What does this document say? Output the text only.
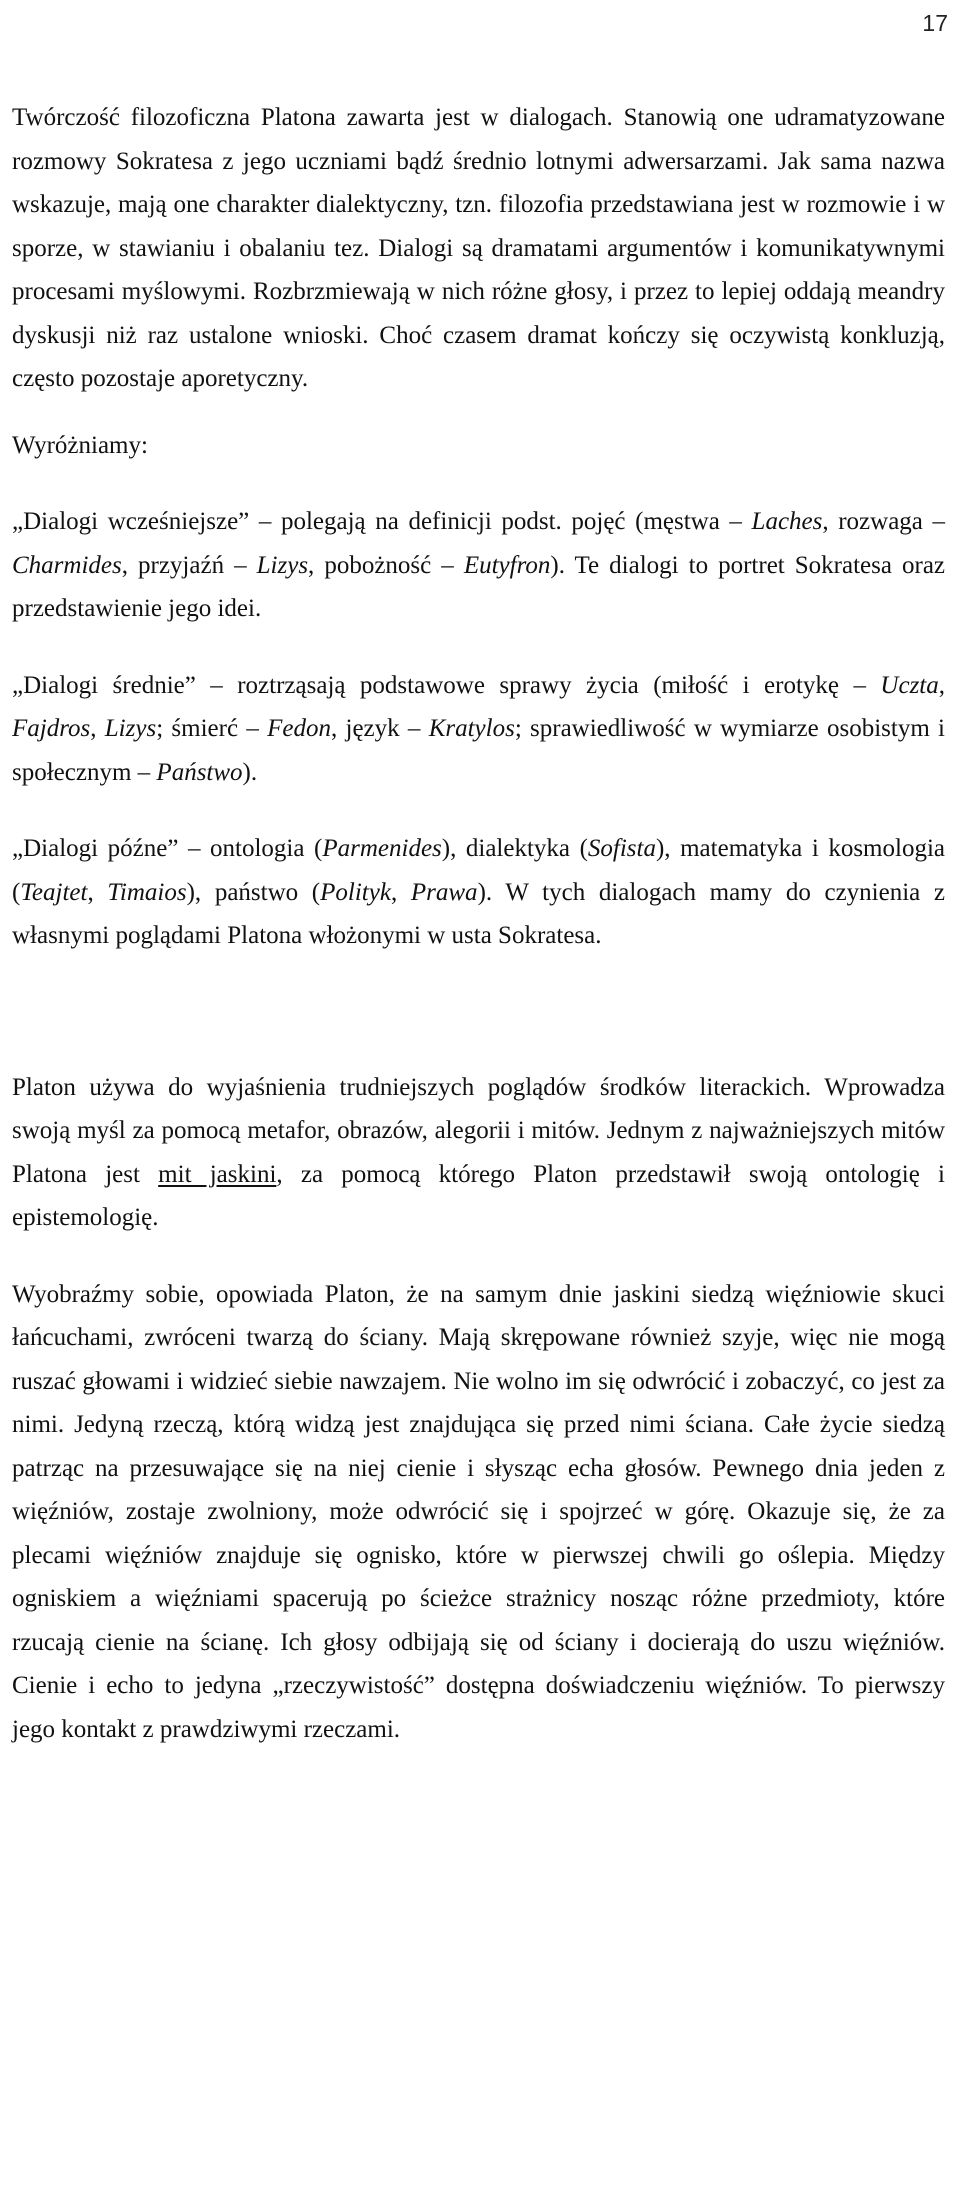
17

Twórczość filozoficzna Platona zawarta jest w dialogach. Stanowią one udramatyzowane rozmowy Sokratesa z jego uczniami bądź średnio lotnymi adwersarzami. Jak sama nazwa wskazuje, mają one charakter dialektyczny, tzn. filozofia przedstawiana jest w rozmowie i w sporze, w stawianiu i obalaniu tez. Dialogi są dramatami argumentów i komunikatywnymi procesami myślowymi. Rozbrzmiewają w nich różne głosy, i przez to lepiej oddają meandry dyskusji niż raz ustalone wnioski. Choć czasem dramat kończy się oczywistą konkluzją, często pozostaje aporetyczny.

Wyróżniamy:

„Dialogi wcześniejsze” – polegają na definicji podst. pojęć (męstwa – Laches, rozwaga – Charmides, przyjaźń – Lizys, pobożność – Eutyfron). Te dialogi to portret Sokratesa oraz przedstawienie jego idei.

„Dialogi średnie” – roztrząsają podstawowe sprawy życia (miłość i erotykę – Uczta, Fajdros, Lizys; śmierć – Fedon, język – Kratylos; sprawiedliwość w wymiarze osobistym i społecznym – Państwo).

„Dialogi późne” – ontologia (Parmenides), dialektyka (Sofista), matematyka i kosmologia (Teajtet, Timaios), państwo (Polityk, Prawa). W tych dialogach mamy do czynienia z własnymi poglądami Platona włożonymi w usta Sokratesa.

Platon używa do wyjaśnienia trudniejszych poglądów środków literackich. Wprowadza swoją myśl za pomocą metafor, obrazów, alegorii i mitów. Jednym z najważniejszych mitów Platona jest mit jaskini, za pomocą którego Platon przedstawił swoją ontologię i epistemologię.

Wyobraźmy sobie, opowiada Platon, że na samym dnie jaskini siedzą więźniowie skuci łańcuchami, zwróceni twarzą do ściany. Mają skrępowane również szyje, więc nie mogą ruszać głowami i widzieć siebie nawzajem. Nie wolno im się odwrócić i zobaczyć, co jest za nimi. Jedyną rzeczą, którą widzą jest znajdująca się przed nimi ściana. Całe życie siedzą patrząc na przesuwające się na niej cienie i słysząc echa głosów. Pewnego dnia jeden z więźniów, zostaje zwolniony, może odwrócić się i spojrzeć w górę. Okazuje się, że za plecami więźniów znajduje się ognisko, które w pierwszej chwili go oślepia. Między ogniskiem a więźniami spacerują po ścieżce strażnicy nosząc różne przedmioty, które rzucają cienie na ścianę. Ich głosy odbijają się od ściany i docierają do uszu więźniów. Cienie i echo to jedyna „rzeczywistość” dostępna doświadczeniu więźniów. To pierwszy jego kontakt z prawdziwymi rzeczami.
